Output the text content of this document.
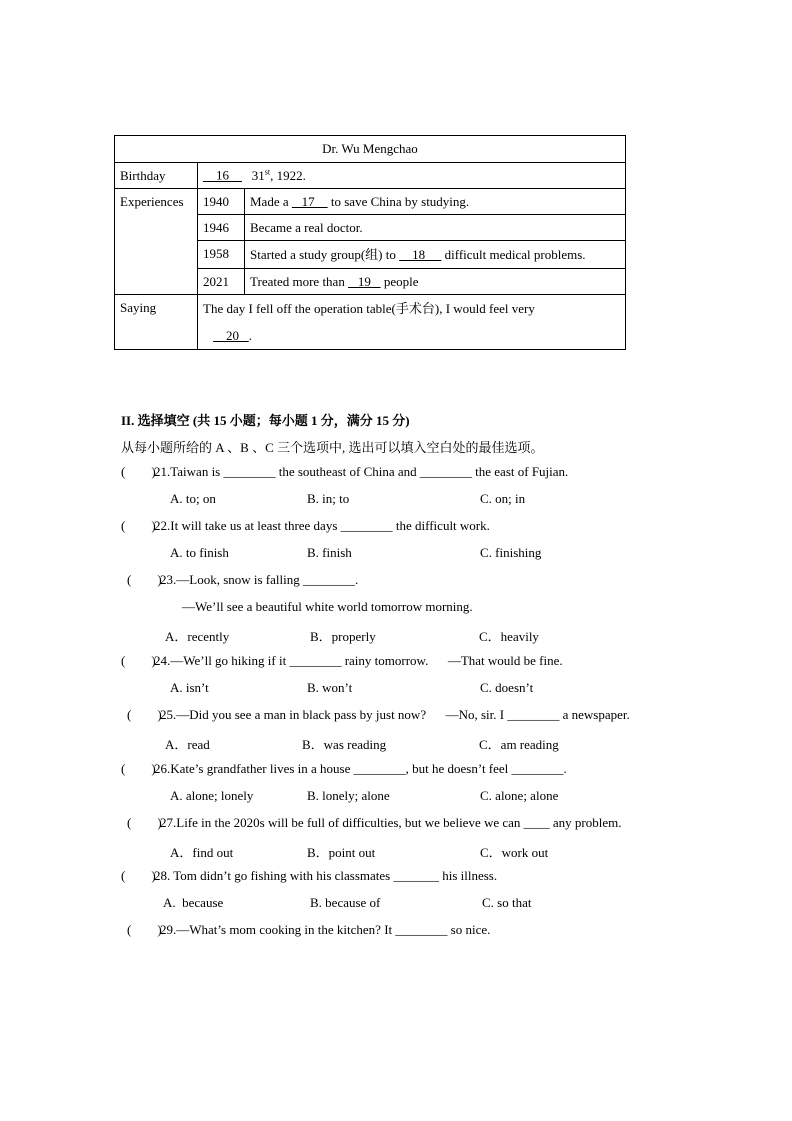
Dr. Wu Mengchao		
Birthday	16       31st, 1922.	
Experiences	1940	Made a    17     to save China by studying.
	1946	Became a real doctor.
	1958	Started a study group(组) to     18      difficult medical problems.
	2021	Treated more than    19    people
Saying	The day I fell off the operation table(手术台), I would feel very
20   .	
II. 选择填空 (共 15 小题；每小题 1 分，满分 15 分)
从每小题所给的 A 、B 、C 三个选项中, 选出可以填入空白处的最佳选项。
(        )
21.Taiwan is ________ the southeast of China and ________ the east of Fujian.
A. to; on	B. in; to	C. on; in
(        )
22.It will take us at least three days ________ the difficult work.
A. to finish	B. finish	C. finishing
(        )
23.—Look, snow is falling ________.
—We’ll see a beautiful white world tomorrow morning.
A．recently	B．properly	C．heavily
(        )
24.—We’ll go hiking if it ________ rainy tomorrow.      —That would be fine.
A. isn’t	B. won’t	C. doesn’t
(        )
25.—Did you see a man in black pass by just now?      —No, sir. I ________ a newspaper.
A．read	B．was reading	C．am reading
(        )
26.Kate’s grandfather lives in a house ________, but he doesn’t feel ________.
A. alone; lonely	B. lonely; alone	C. alone; alone
(        )
27.Life in the 2020s will be full of difficulties, but we believe we can ____ any problem.
A．find out	B．point out	C．work out
(        )
28. Tom didn’t go fishing with his classmates _______ his illness.
A.  because	B. because of	C. so that
(        )
29.—What’s mom cooking in the kitchen? It ________ so nice.
